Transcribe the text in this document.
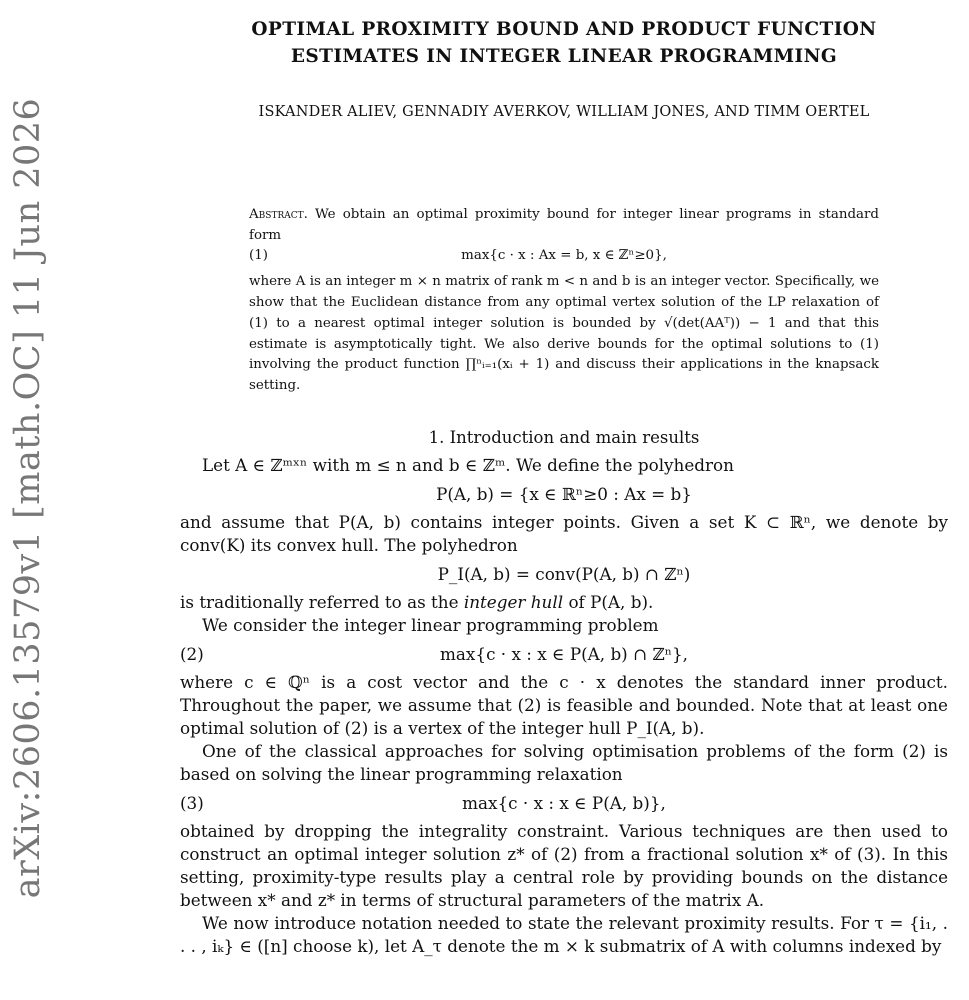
arXiv:2606.13579v1 [math.OC] 11 Jun 2026
OPTIMAL PROXIMITY BOUND AND PRODUCT FUNCTION
ESTIMATES IN INTEGER LINEAR PROGRAMMING
ISKANDER ALIEV, GENNADIY AVERKOV, WILLIAM JONES, AND TIMM OERTEL

Abstract. We obtain an optimal proximity bound for integer linear programs in standard form

(1)	max{c · x : Ax = b, x ∈ ℤⁿ≥0},

where A is an integer m × n matrix of rank m < n and b is an integer vector. Specifically, we show that the Euclidean distance from any optimal vertex solution of the LP relaxation of (1) to a nearest optimal integer solution is bounded by √(det(AAᵀ)) − 1 and that this estimate is asymptotically tight. We also derive bounds for the optimal solutions to (1) involving the product function ∏ⁿᵢ₌₁(xᵢ + 1) and discuss their applications in the knapsack setting.

1. Introduction and main results

Let A ∈ ℤᵐˣⁿ with m ≤ n and b ∈ ℤᵐ. We define the polyhedron

P(A, b) = {x ∈ ℝⁿ≥0 : Ax = b}

and assume that P(A, b) contains integer points. Given a set K ⊂ ℝⁿ, we denote by conv(K) its convex hull. The polyhedron

P_I(A, b) = conv(P(A, b) ∩ ℤⁿ)

is traditionally referred to as the integer hull of P(A, b).

We consider the integer linear programming problem

(2)	max{c · x : x ∈ P(A, b) ∩ ℤⁿ},

where c ∈ ℚⁿ is a cost vector and the c · x denotes the standard inner product. Throughout the paper, we assume that (2) is feasible and bounded. Note that at least one optimal solution of (2) is a vertex of the integer hull P_I(A, b).

One of the classical approaches for solving optimisation problems of the form (2) is based on solving the linear programming relaxation

(3)	max{c · x : x ∈ P(A, b)},

obtained by dropping the integrality constraint. Various techniques are then used to construct an optimal integer solution z* of (2) from a fractional solution x* of (3). In this setting, proximity-type results play a central role by providing bounds on the distance between x* and z* in terms of structural parameters of the matrix A.

We now introduce notation needed to state the relevant proximity results. For τ = {i₁, . . . , iₖ} ∈ ([n] choose k), let A_τ denote the m × k submatrix of A with columns indexed by
